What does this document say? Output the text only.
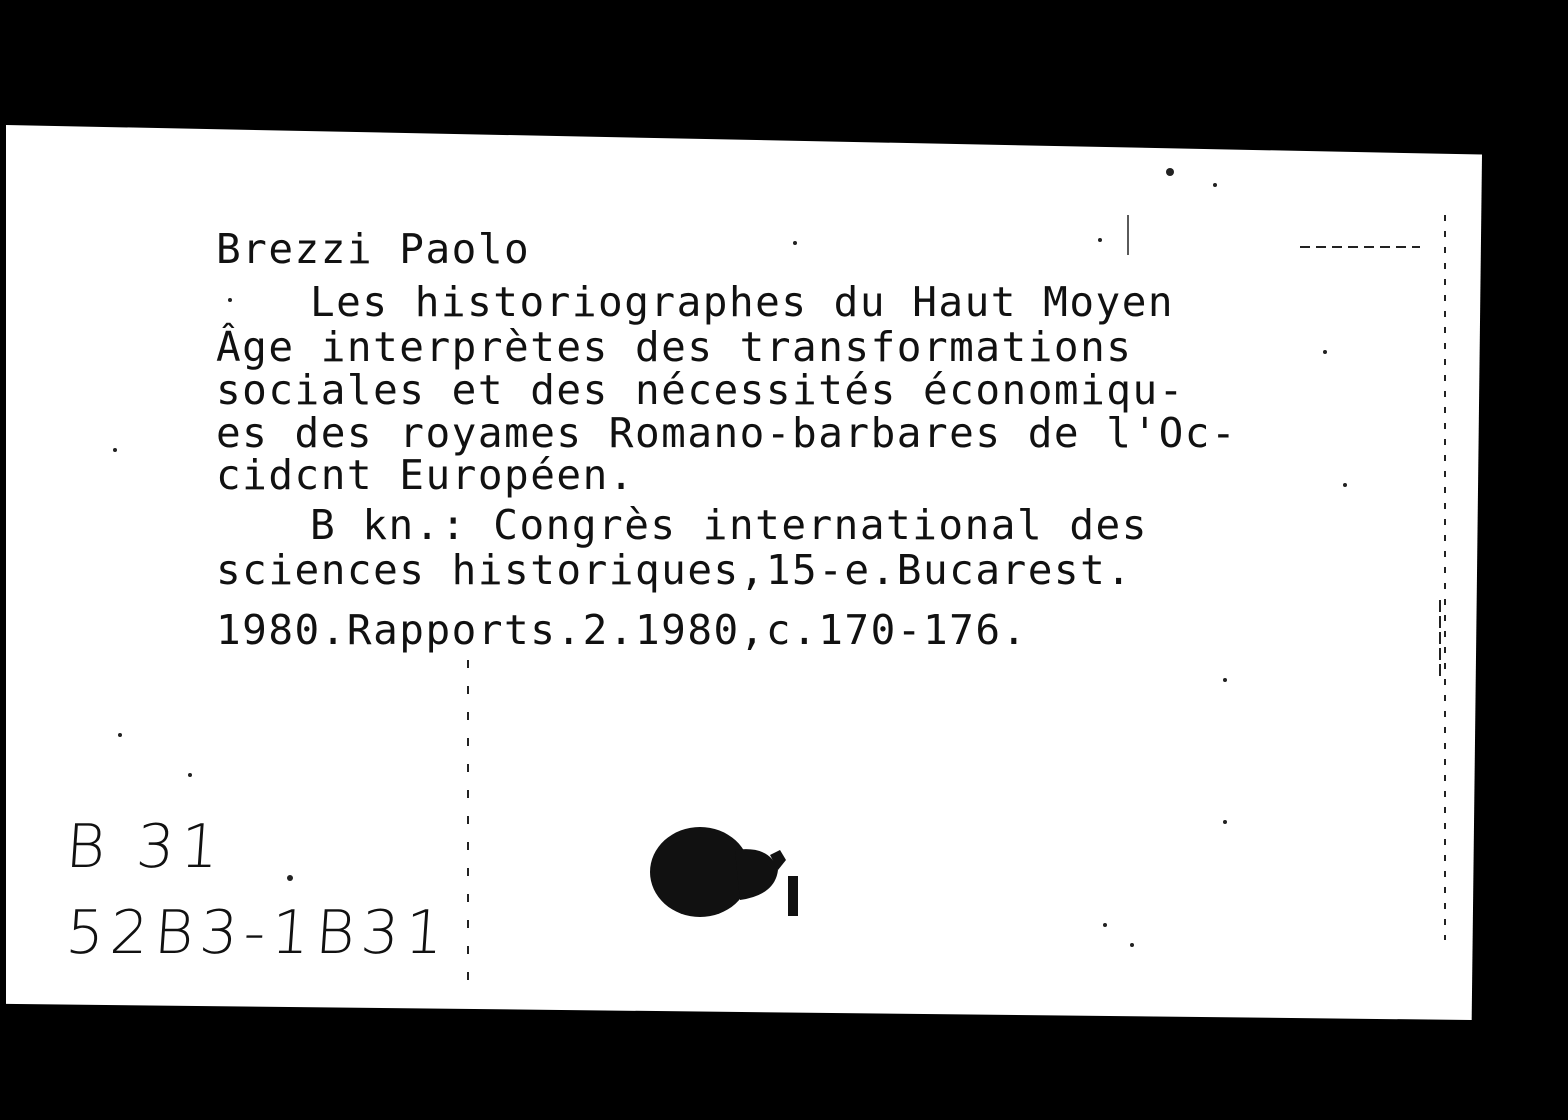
Brezzi Paolo
Les historiographes du Haut Moyen
Âge interprètes des transformations
sociales et des nécessités économiqu-
es des royames Romano-barbares de l'Oc-
cidcnt Européen.
B kn.: Congrès international des
sciences historiques,15-e.Bucarest.
1980.Rapports.2.1980,c.170-176.
B 31
52B3-1B31
